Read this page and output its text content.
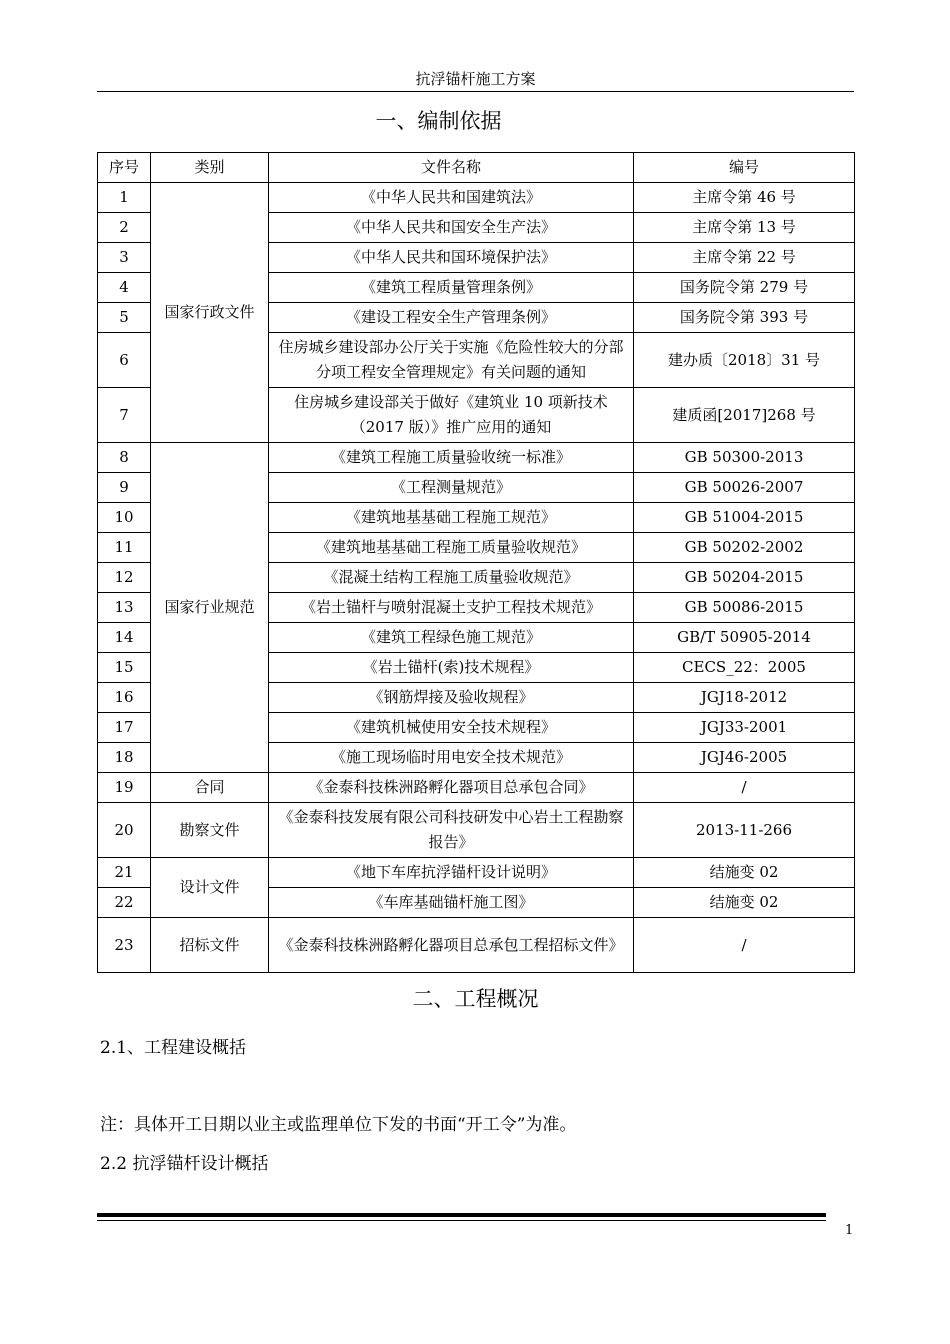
抗浮锚杆施工方案
一、编制依据
序号	类别	文件名称	编号
1	国家行政文件	《中华人民共和国建筑法》	主席令第 46 号
2		《中华人民共和国安全生产法》	主席令第 13 号
3		《中华人民共和国环境保护法》	主席令第 22 号
4		《建筑工程质量管理条例》	国务院令第 279 号
5		《建设工程安全生产管理条例》	国务院令第 393 号
6		住房城乡建设部办公厅关于实施《危险性较大的分部分项工程安全管理规定》有关问题的通知	建办质〔2018〕31 号
7		住房城乡建设部关于做好《建筑业 10 项新技术（2017 版）》推广应用的通知	建质函[2017]268 号
8	国家行业规范	《建筑工程施工质量验收统一标准》	GB 50300-2013
9		《工程测量规范》	GB 50026-2007
10		《建筑地基基础工程施工规范》	GB 51004-2015
11		《建筑地基基础工程施工质量验收规范》	GB 50202-2002
12		《混凝土结构工程施工质量验收规范》	GB 50204-2015
13		《岩土锚杆与喷射混凝土支护工程技术规范》	GB 50086-2015
14		《建筑工程绿色施工规范》	GB/T 50905-2014
15		《岩土锚杆(索)技术规程》	CECS_22：2005
16		《钢筋焊接及验收规程》	JGJ18-2012
17		《建筑机械使用安全技术规程》	JGJ33-2001
18		《施工现场临时用电安全技术规范》	JGJ46-2005
19	合同	《金泰科技株洲路孵化器项目总承包合同》	/
20	勘察文件	《金泰科技发展有限公司科技研发中心岩土工程勘察报告》	2013-11-266
21	设计文件	《地下车库抗浮锚杆设计说明》	结施变 02
22		《车库基础锚杆施工图》	结施变 02
23	招标文件	《金泰科技株洲路孵化器项目总承包工程招标文件》	/
二、工程概况
2.1、工程建设概括
注：具体开工日期以业主或监理单位下发的书面“开工令”为准。
2.2 抗浮锚杆设计概括
1
